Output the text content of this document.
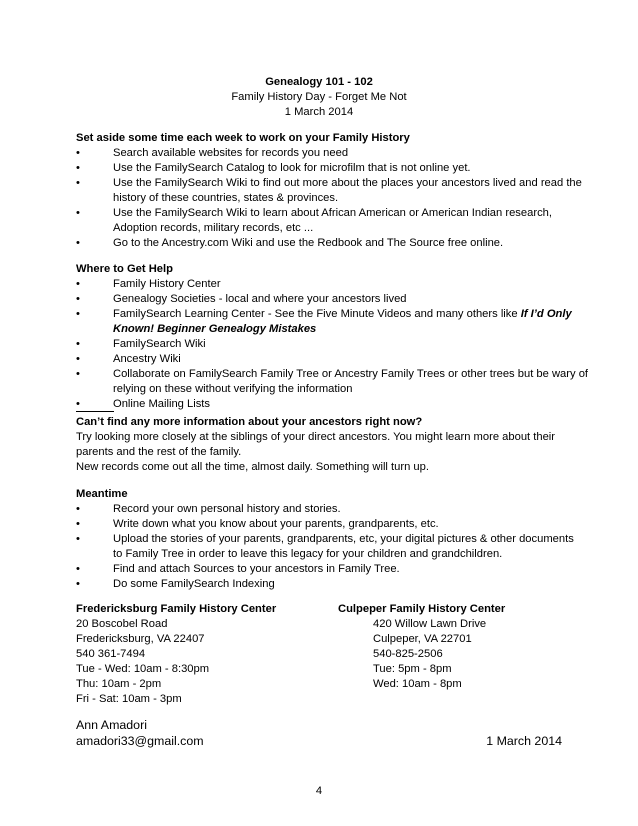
Genealogy 101 - 102
Family History Day - Forget Me Not
1 March 2014
Set aside some time each week to work on your Family History
•	Search available websites for records you need
•	Use the FamilySearch Catalog to look for microfilm that is not online yet.
•	Use the FamilySearch Wiki to find out more about the places your ancestors lived and read the
history of these countries, states & provinces.
•	Use the FamilySearch Wiki to learn about African American or American Indian research,
Adoption records, military records, etc ...
•	Go to the Ancestry.com Wiki and use the Redbook and The Source free online.
Where to Get Help
•	Family History Center
•	Genealogy Societies - local and where your ancestors lived
•	FamilySearch Learning Center - See the Five Minute Videos and many others like If I’d Only
Known! Beginner Genealogy Mistakes
•	FamilySearch Wiki
•	Ancestry Wiki
•	Collaborate on FamilySearch Family Tree or Ancestry Family Trees or other trees but be wary of
relying on these without verifying the information
•	Online Mailing Lists
Can’t find any more information about your ancestors right now?
Try looking more closely at the siblings of your direct ancestors. You might learn more about their
parents and the rest of the family.
New records come out all the time, almost daily. Something will turn up.
Meantime
•	Record your own personal history and stories.
•	Write down what you know about your parents, grandparents, etc.
•	Upload the stories of your parents, grandparents, etc, your digital pictures & other documents
to Family Tree in order to leave this legacy for your children and grandchildren.
•	Find and attach Sources to your ancestors in Family Tree.
•	Do some FamilySearch Indexing
Fredericksburg Family History Center
20 Boscobel Road
Fredericksburg, VA 22407
540 361-7494
Tue - Wed: 10am - 8:30pm
Thu: 10am - 2pm
Fri - Sat: 10am - 3pm
Culpeper Family History Center
420 Willow Lawn Drive
Culpeper, VA 22701
540-825-2506
Tue: 5pm - 8pm
Wed: 10am - 8pm
Ann Amadori
amadori33@gmail.com	1 March 2014
4
